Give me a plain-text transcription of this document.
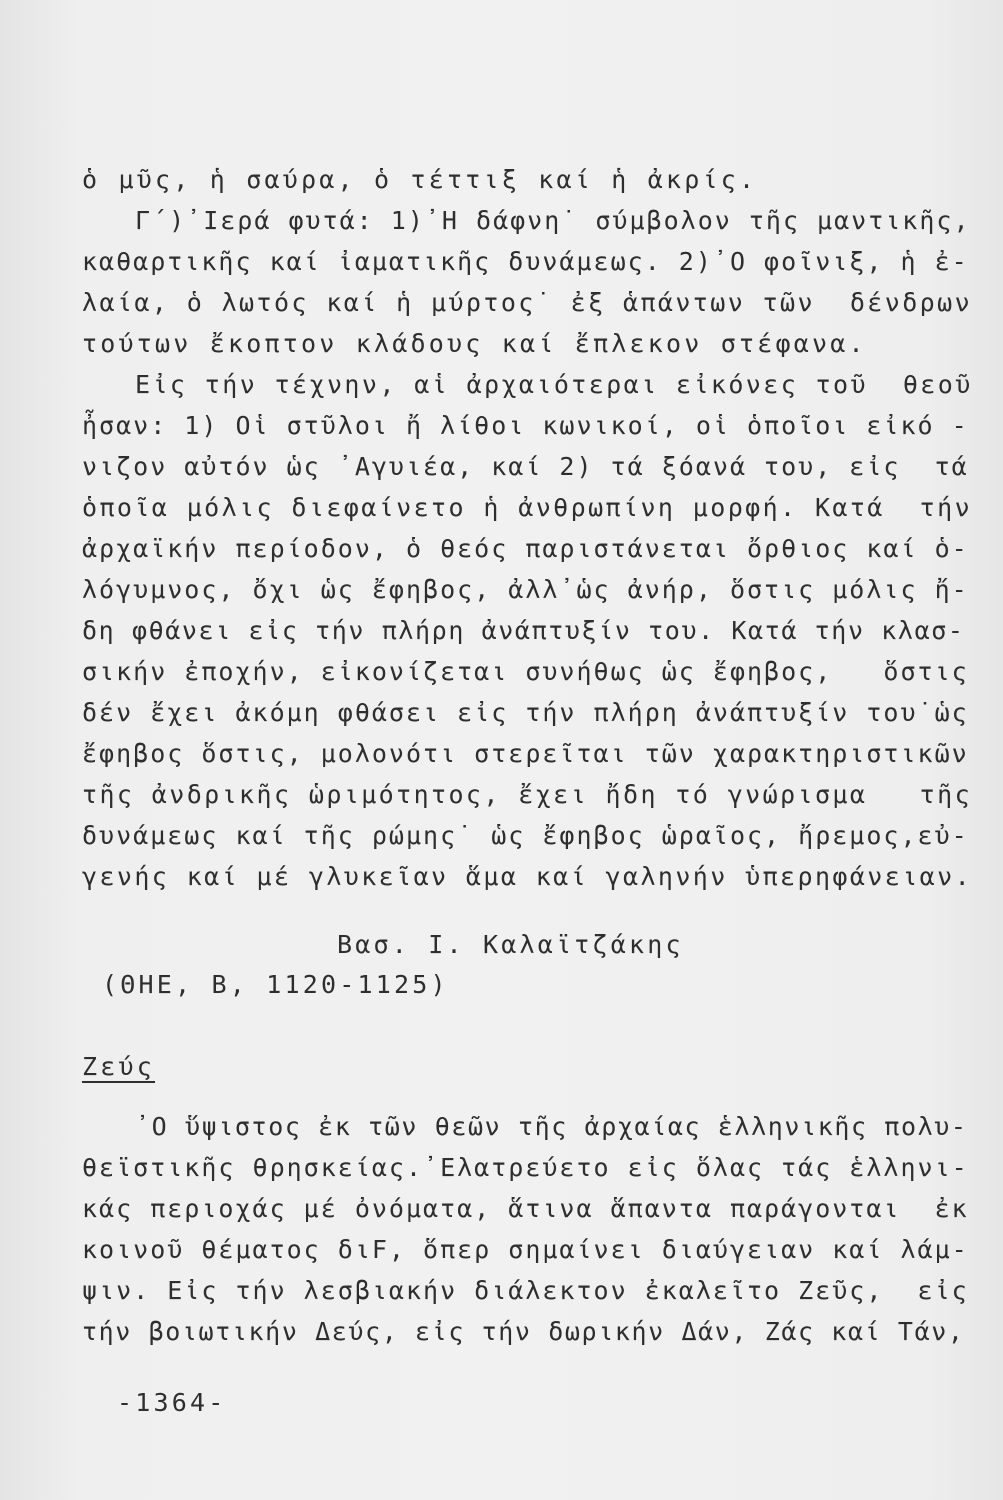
ὁ μῦς, ἡ σαύρα, ὁ τέττιξ καί ἡ ἀκρίς.
Γ΄)᾿Ιερά φυτά: 1)᾿Η δάφνη˙ σύμβολον τῆς μαντικῆς,
καθαρτικῆς καί ἰαματικῆς δυνάμεως. 2)᾿Ο φοῖνιξ, ἡ ἐ-
λαία, ὁ λωτός καί ἡ μύρτος˙ ἐξ ἁπάντων τῶν  δένδρων
τούτων ἔκοπτον κλάδους καί ἔπλεκον στέφανα.
Εἰς τήν τέχνην, αἱ ἀρχαιότεραι εἰκόνες τοῦ  θεοῦ
ἦσαν: 1) Οἱ στῦλοι ἤ λίθοι κωνικοί, οἱ ὁποῖοι εἰκό -
νιζον αὐτόν ὡς ᾿Αγυιέα, καί 2) τά ξόανά του, εἰς  τά
ὁποῖα μόλις διεφαίνετο ἡ ἀνθρωπίνη μορφή. Κατά  τήν
ἀρχαϊκήν περίοδον, ὁ θεός παριστάνεται ὄρθιος καί ὁ-
λόγυμνος, ὄχι ὡς ἔφηβος, ἀλλ᾿ὡς ἀνήρ, ὅστις μόλις ἤ-
δη φθάνει εἰς τήν πλήρη ἀνάπτυξίν του. Κατά τήν κλασ-
σικήν ἐποχήν, εἰκονίζεται συνήθως ὡς ἔφηβος,   ὅστις
δέν ἔχει ἀκόμη φθάσει εἰς τήν πλήρη ἀνάπτυξίν του˙ὡς
ἔφηβος ὅστις, μολονότι στερεῖται τῶν χαρακτηριστικῶν
τῆς ἀνδρικῆς ὡριμότητος, ἔχει ἤδη τό γνώρισμα   τῆς
δυνάμεως καί τῆς ρώμης˙ ὡς ἔφηβος ὡραῖος, ἤρεμος,εὐ-
γενής καί μέ γλυκεῖαν ἅμα καί γαληνήν ὑπερηφάνειαν.
Βασ. Ι. Καλαϊτζάκης
(ΘΗΕ, Β, 1120-1125)
Ζεύς
᾿Ο ὕψιστος ἐκ τῶν θεῶν τῆς ἀρχαίας ἑλληνικῆς πολυ-
θεϊστικῆς θρησκείας.᾿Ελατρεύετο εἰς ὅλας τάς ἑλληνι-
κάς περιοχάς μέ ὀνόματα, ἅτινα ἅπαντα παράγονται  ἐκ
κοινοῦ θέματος διF, ὅπερ σημαίνει διαύγειαν καί λάμ-
ψιν. Εἰς τήν λεσβιακήν διάλεκτον ἐκαλεῖτο Ζεῦς,  εἰς
τήν βοιωτικήν Δεύς, εἰς τήν δωρικήν Δάν, Ζάς καί Τάν,
-1364-
